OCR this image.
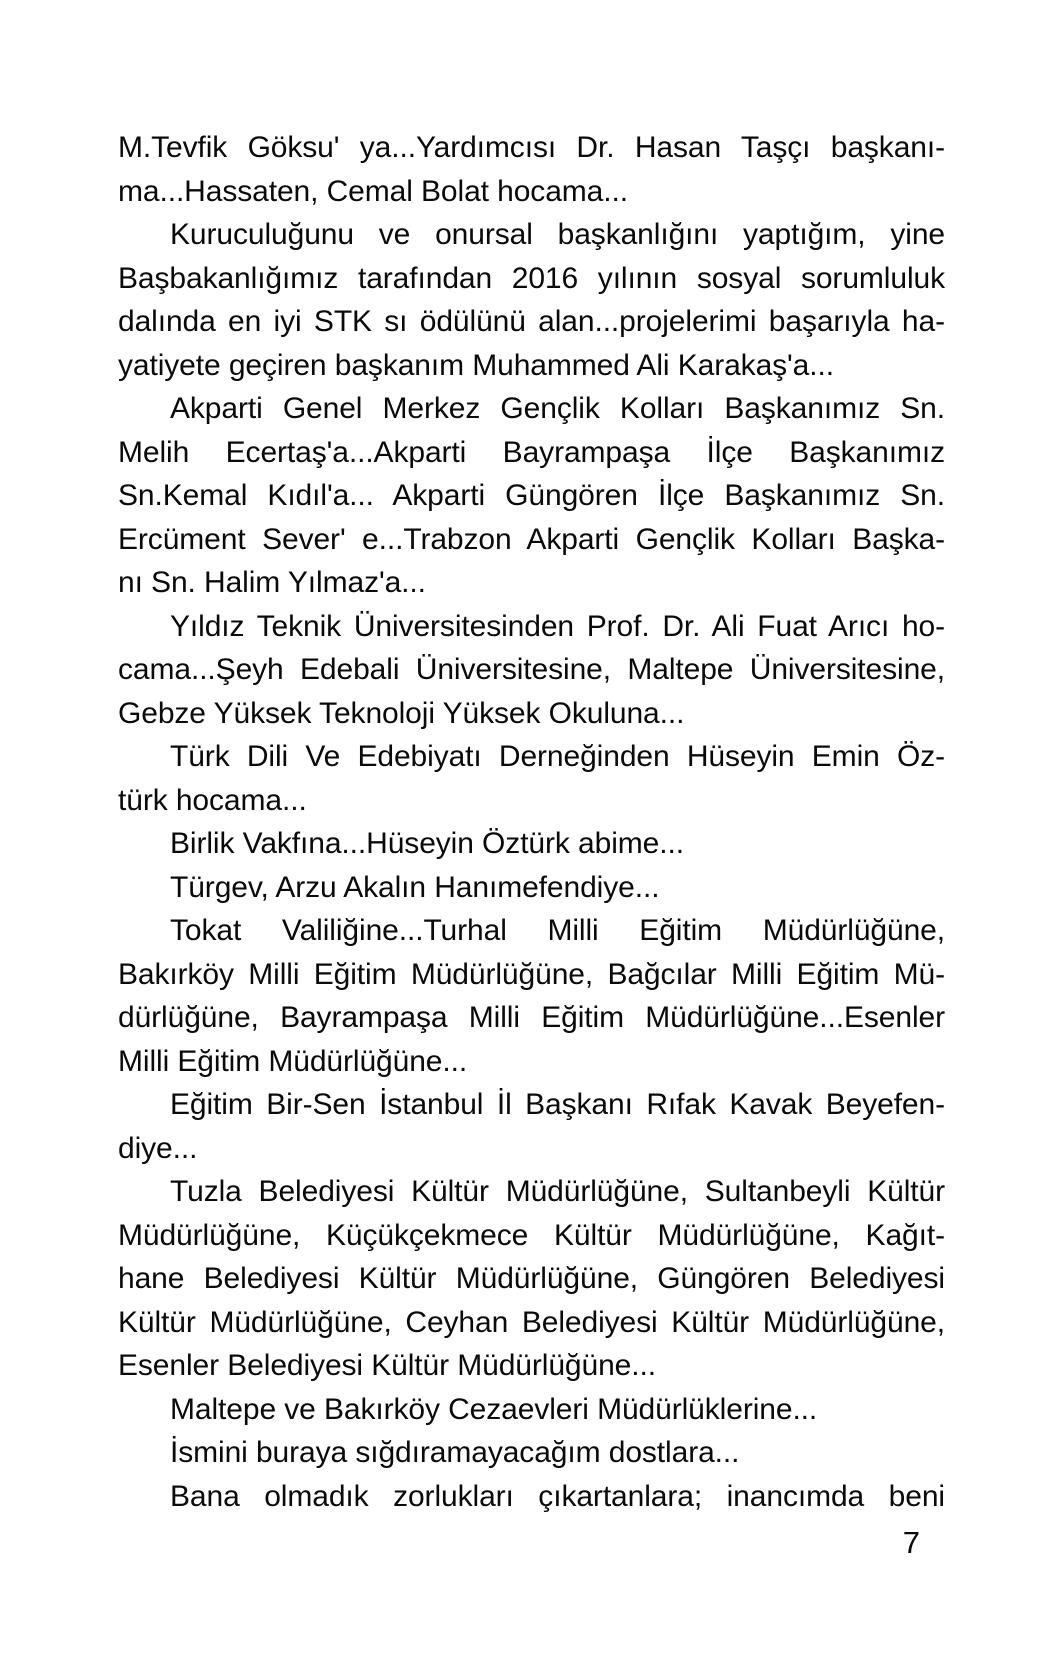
M.Tevfik Göksu' ya...Yardımcısı Dr. Hasan Taşçı başkanı-
ma...Hassaten, Cemal Bolat hocama...
Kuruculuğunu ve onursal başkanlığını yaptığım, yine
Başbakanlığımız tarafından 2016 yılının sosyal sorumluluk
dalında en iyi STK sı ödülünü alan...projelerimi başarıyla ha-
yatiyete geçiren başkanım Muhammed Ali Karakaş'a...
Akparti Genel Merkez Gençlik Kolları Başkanımız Sn.
Melih Ecertaş'a...Akparti Bayrampaşa İlçe Başkanımız
Sn.Kemal Kıdıl'a... Akparti Güngören İlçe Başkanımız Sn.
Ercüment Sever' e...Trabzon Akparti Gençlik Kolları Başka-
nı Sn. Halim Yılmaz'a...
Yıldız Teknik Üniversitesinden Prof. Dr. Ali Fuat Arıcı ho-
cama...Şeyh Edebali Üniversitesine, Maltepe Üniversitesine,
Gebze Yüksek Teknoloji Yüksek Okuluna...
Türk Dili Ve Edebiyatı Derneğinden Hüseyin Emin Öz-
türk hocama...
Birlik Vakfına...Hüseyin Öztürk abime...
Türgev, Arzu Akalın Hanımefendiye...
Tokat Valiliğine...Turhal Milli Eğitim Müdürlüğüne,
Bakırköy Milli Eğitim Müdürlüğüne, Bağcılar Milli Eğitim Mü-
dürlüğüne, Bayrampaşa Milli Eğitim Müdürlüğüne...Esenler
Milli Eğitim Müdürlüğüne...
Eğitim Bir-Sen İstanbul İl Başkanı Rıfak Kavak Beyefen-
diye...
Tuzla Belediyesi Kültür Müdürlüğüne, Sultanbeyli Kültür
Müdürlüğüne, Küçükçekmece Kültür Müdürlüğüne, Kağıt-
hane Belediyesi Kültür Müdürlüğüne, Güngören Belediyesi
Kültür Müdürlüğüne, Ceyhan Belediyesi Kültür Müdürlüğüne,
Esenler Belediyesi Kültür Müdürlüğüne...
Maltepe ve Bakırköy Cezaevleri Müdürlüklerine...
İsmini buraya sığdıramayacağım dostlara...
Bana olmadık zorlukları çıkartanlara; inancımda beni
7
